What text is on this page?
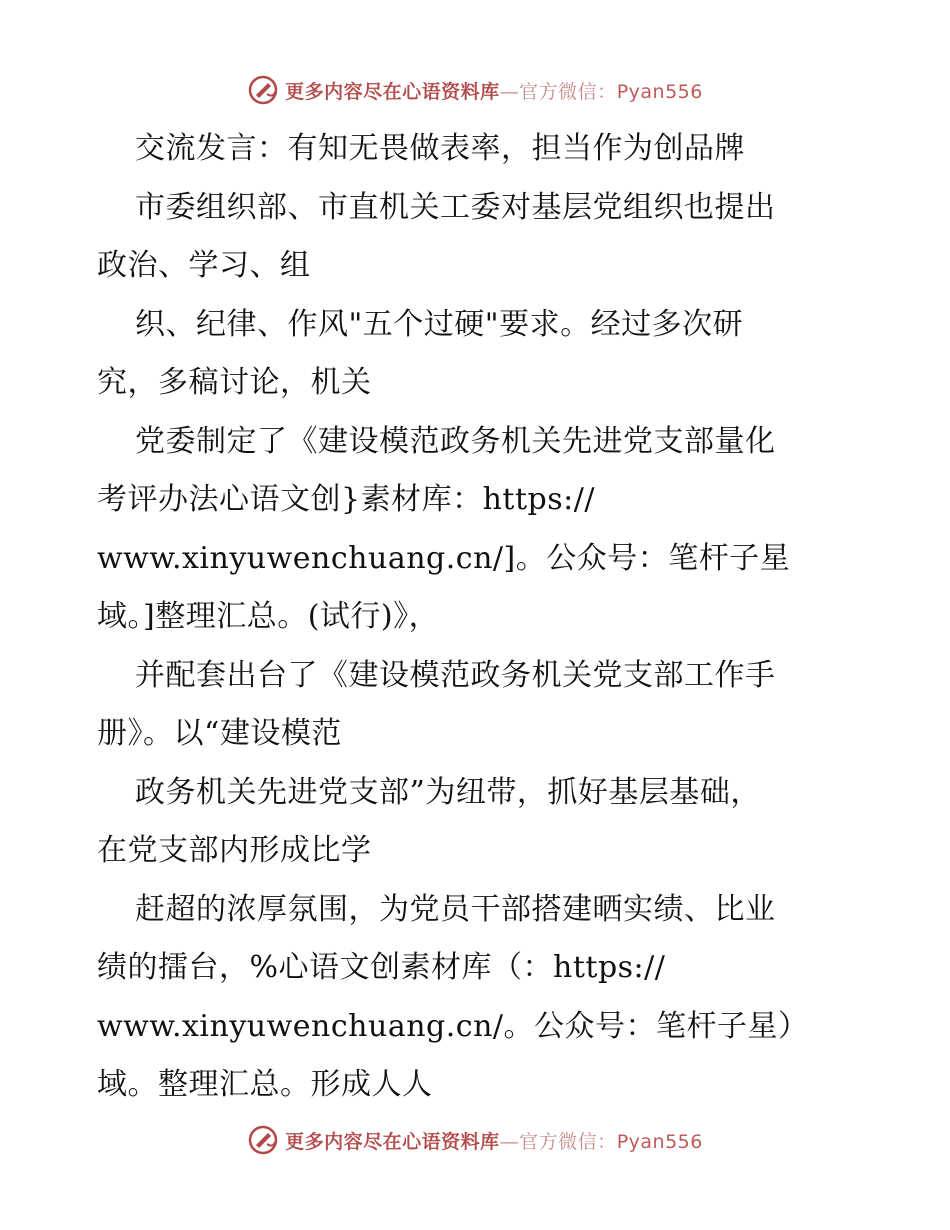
更多内容尽在心语资料库—官方微信：Pyan556
交流发言：有知无畏做表率，担当作为创品牌
市委组织部、市直机关工委对基层党组织也提出
政治、学习、组
织、纪律、作风"五个过硬"要求。经过多次研
究，多稿讨论，机关
党委制定了《建设模范政务机关先进党支部量化
考评办法心语文创}素材库：https://
www.xinyuwenchuang.cn/]。公众号：笔杆子星
域。]整理汇总。(试行)》，
并配套出台了《建设模范政务机关党支部工作手
册》。以“建设模范
政务机关先进党支部”为纽带，抓好基层基础，
在党支部内形成比学
赶超的浓厚氛围，为党员干部搭建晒实绩、比业
绩的擂台，%心语文创素材库（：https://
www.xinyuwenchuang.cn/。公众号：笔杆子星）
域。整理汇总。形成人人
更多内容尽在心语资料库—官方微信：Pyan556
